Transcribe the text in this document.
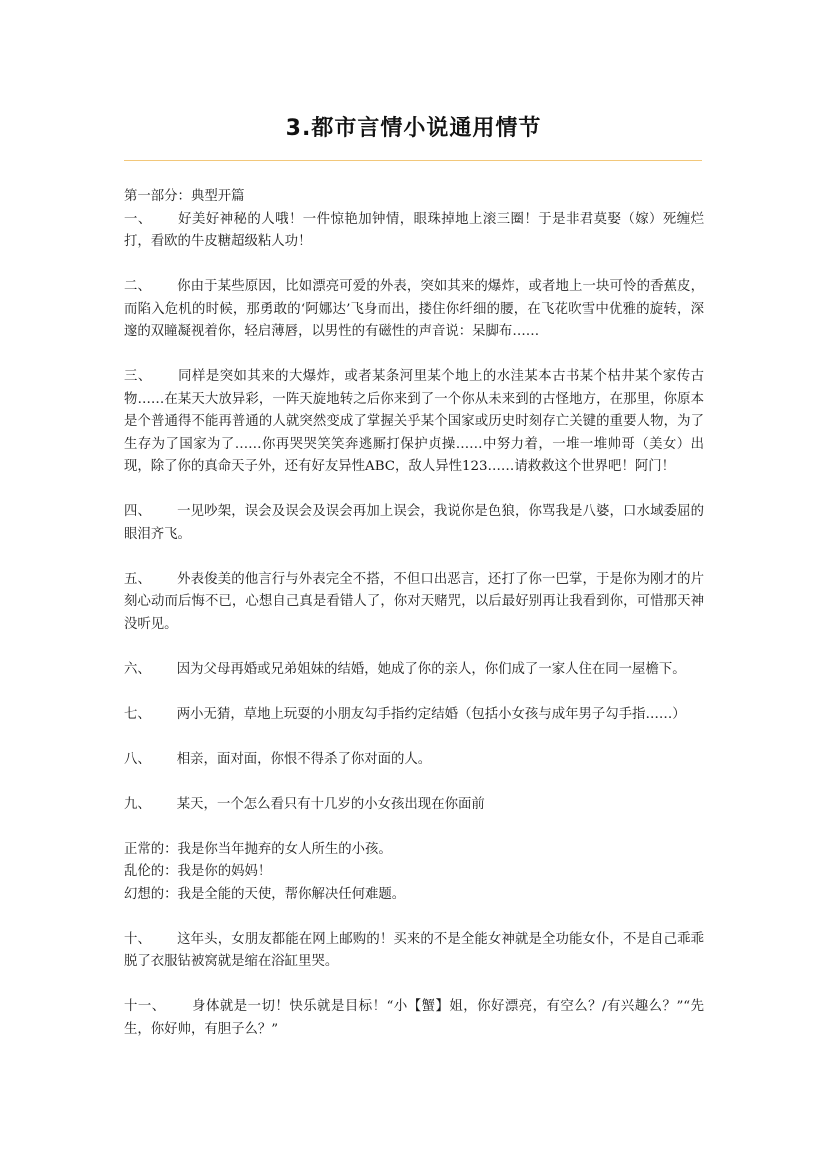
3.都市言情小说通用情节

第一部分：典型开篇

一、 好美好神秘的人哦！一件惊艳加钟情，眼珠掉地上滚三圈！于是非君莫娶（嫁）死缠烂打，看欧的牛皮糖超级粘人功！

二、 你由于某些原因，比如漂亮可爱的外表，突如其来的爆炸，或者地上一块可怜的香蕉皮，而陷入危机的时候，那勇敢的‘阿娜达’飞身而出，搂住你纤细的腰，在飞花吹雪中优雅的旋转，深邃的双瞳凝视着你，轻启薄唇，以男性的有磁性的声音说：呆脚布……

三、 同样是突如其来的大爆炸，或者某条河里某个地上的水洼某本古书某个枯井某个家传古物……在某天大放异彩，一阵天旋地转之后你来到了一个你从未来到的古怪地方，在那里，你原本是个普通得不能再普通的人就突然变成了掌握关乎某个国家或历史时刻存亡关键的重要人物，为了生存为了国家为了……你再哭哭笑笑奔逃厮打保护贞操……中努力着，一堆一堆帅哥（美女）出现，除了你的真命天子外，还有好友异性ABC，敌人异性123……请救救这个世界吧！阿门！

四、 一见吵架，误会及误会及误会再加上误会，我说你是色狼，你骂我是八婆，口水域委屈的眼泪齐飞。

五、 外表俊美的他言行与外表完全不搭，不但口出恶言，还打了你一巴掌，于是你为刚才的片刻心动而后悔不已，心想自己真是看错人了，你对天赌咒，以后最好别再让我看到你，可惜那天神没听见。

六、 因为父母再婚或兄弟姐妹的结婚，她成了你的亲人，你们成了一家人住在同一屋檐下。

七、 两小无猜，草地上玩耍的小朋友勾手指约定结婚（包括小女孩与成年男子勾手指……）

八、 相亲，面对面，你恨不得杀了你对面的人。

九、 某天，一个怎么看只有十几岁的小女孩出现在你面前

正常的：我是你当年抛弃的女人所生的小孩。

乱伦的：我是你的妈妈！

幻想的：我是全能的天使，帮你解决任何难题。

十、 这年头，女朋友都能在网上邮购的！买来的不是全能女神就是全功能女仆，不是自己乖乖脱了衣服钻被窝就是缩在浴缸里哭。

十一、 身体就是一切！快乐就是目标！“小【蟹】姐，你好漂亮，有空么？/有兴趣么？”“先生，你好帅，有胆子么？”
